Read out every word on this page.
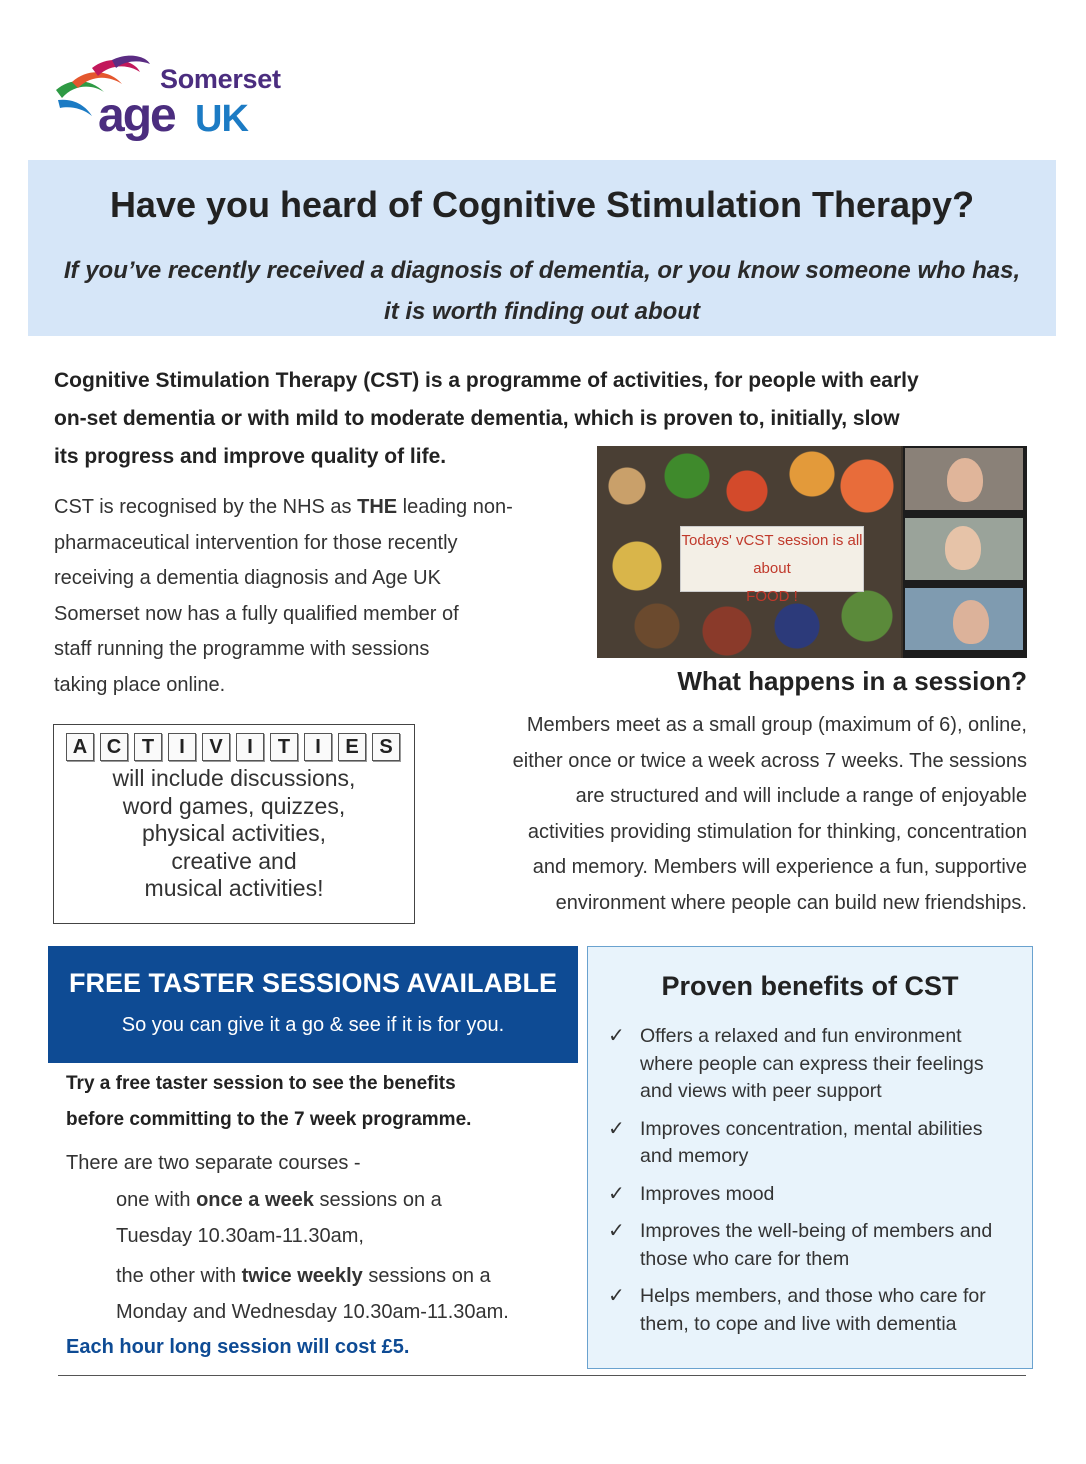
Somerset
age UK
Have you heard of Cognitive Stimulation Therapy?
If you’ve recently received a diagnosis of dementia, or you know someone who has,
it is worth finding out about
Cognitive Stimulation Therapy (CST) is a programme of activities, for people with early
on-set dementia or with mild to moderate dementia, which is proven to, initially, slow
its progress and improve quality of life.
CST is recognised by the NHS as THE leading non-
pharmaceutical intervention for those recently
receiving a dementia diagnosis and Age UK
Somerset now has a fully qualified member of
staff running the programme with sessions
taking place online.
Todays' vCST session is all about
FOOD !
What happens in a session?
Members meet as a small group (maximum of 6), online,
either once or twice a week across 7 weeks. The sessions
are structured and will include a range of enjoyable
activities providing stimulation for thinking, concentration
and memory. Members will experience a fun, supportive
environment where people can build new friendships.
A C	T	I	V	I	T	I	E	S
will include discussions,
word games, quizzes,
physical activities,
creative and
musical activities!
FREE TASTER SESSIONS AVAILABLE
So you can give it a go & see if it is for you.
Try a free taster session to see the benefits
before committing to the 7 week programme.
There are two separate courses -
one with once a week sessions on a
Tuesday 10.30am-11.30am,
the other with twice weekly sessions on a
Monday and Wednesday 10.30am-11.30am.
Each hour long session will cost £5.
Proven benefits of CST
✓ Offers a relaxed and fun environment where people can express their feelings and views with peer support
✓ Improves concentration, mental abilities and memory
✓ Improves mood
✓ Improves the well-being of members and those who care for them
✓ Helps members, and those who care for them, to cope and live with dementia
